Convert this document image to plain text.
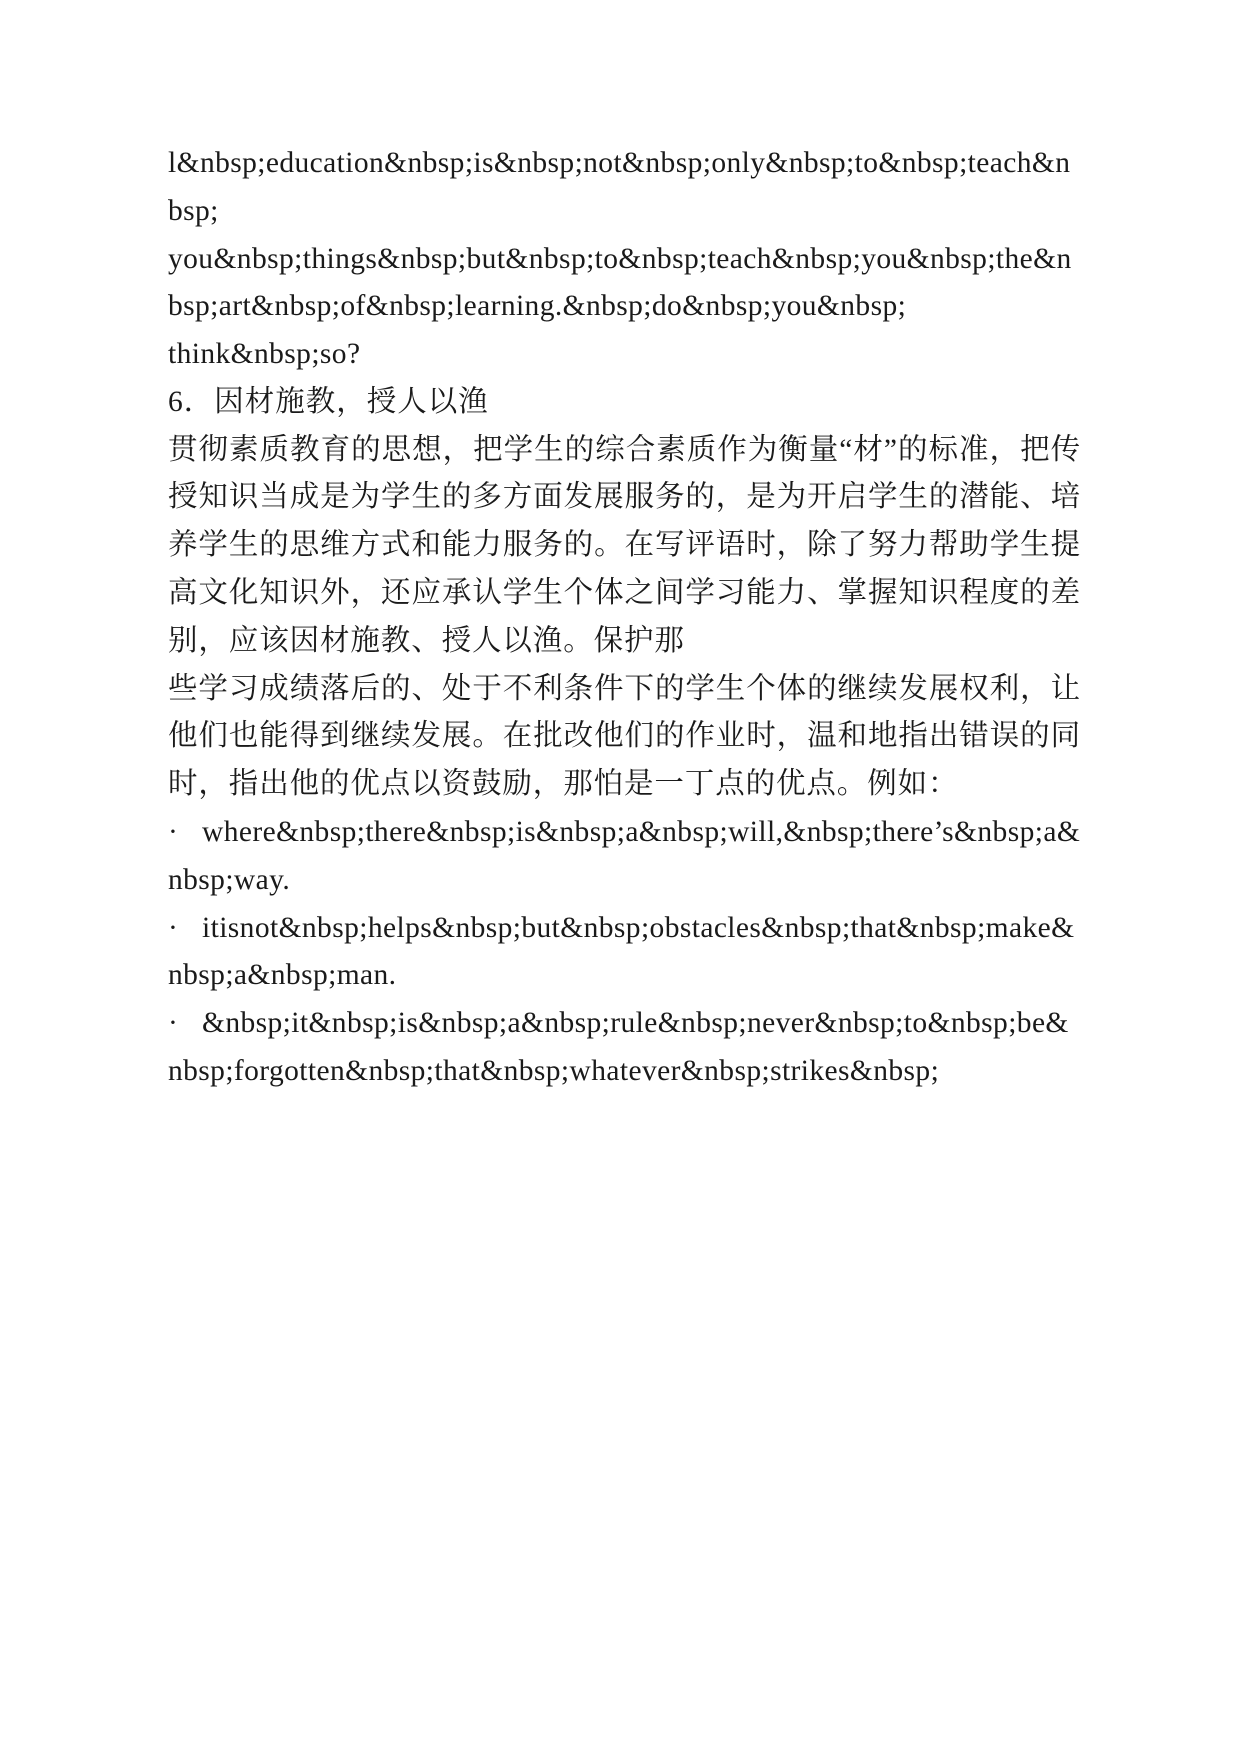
l&nbsp;education&nbsp;is&nbsp;not&nbsp;only&nbsp;to&nbsp;teach&nbsp;

you&nbsp;things&nbsp;but&nbsp;to&nbsp;teach&nbsp;you&nbsp;the&nbsp;art&nbsp;of&nbsp;learning.&nbsp;do&nbsp;you&nbsp;

think&nbsp;so?

6．因材施教，授人以渔

贯彻素质教育的思想，把学生的综合素质作为衡量“材”的标准，把传授知识当成是为学生的多方面发展服务的，是为开启学生的潜能、培养学生的思维方式和能力服务的。在写评语时，除了努力帮助学生提高文化知识外，还应承认学生个体之间学习能力、掌握知识程度的差别，应该因材施教、授人以渔。保护那

些学习成绩落后的、处于不利条件下的学生个体的继续发展权利，让他们也能得到继续发展。在批改他们的作业时，温和地指出错误的同时，指出他的优点以资鼓励，那怕是一丁点的优点。例如：

· where&nbsp;there&nbsp;is&nbsp;a&nbsp;will,&nbsp;there’s&nbsp;a&nbsp;way.

· itisnot&nbsp;helps&nbsp;but&nbsp;obstacles&nbsp;that&nbsp;make&nbsp;a&nbsp;man.

· &nbsp;it&nbsp;is&nbsp;a&nbsp;rule&nbsp;never&nbsp;to&nbsp;be&nbsp;forgotten&nbsp;that&nbsp;whatever&nbsp;strikes&nbsp;
